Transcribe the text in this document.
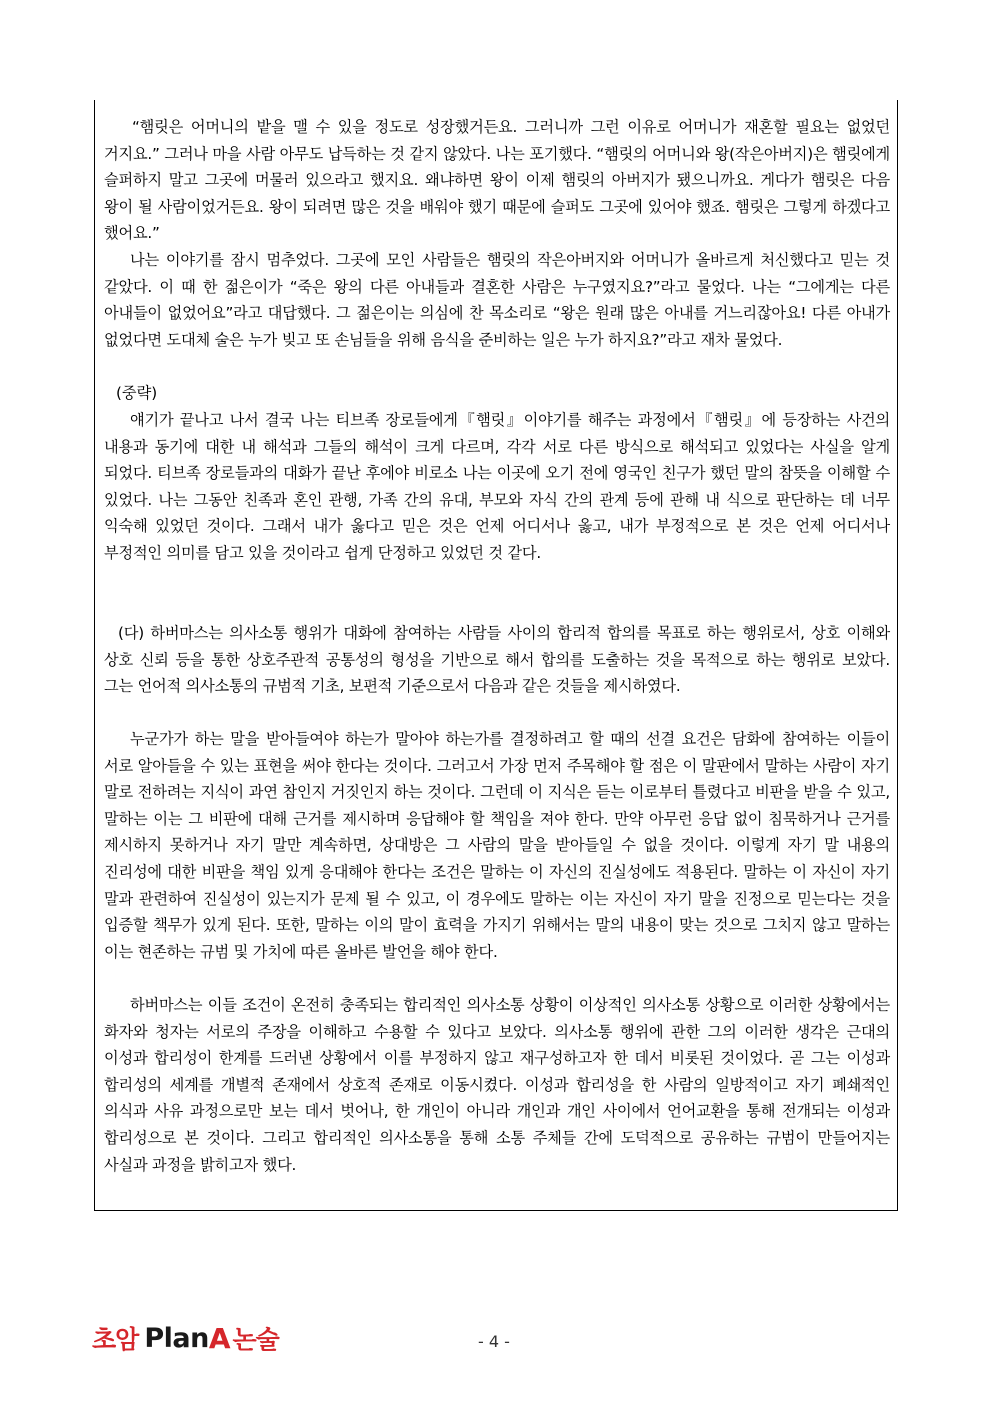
“햄릿은 어머니의 밭을 맬 수 있을 정도로 성장했거든요. 그러니까 그런 이유로 어머니가 재혼할 필요는 없었던 거지요.” 그러나 마을 사람 아무도 납득하는 것 같지 않았다. 나는 포기했다. “햄릿의 어머니와 왕(작은아버지)은 햄릿에게 슬퍼하지 말고 그곳에 머물러 있으라고 했지요. 왜냐하면 왕이 이제 햄릿의 아버지가 됐으니까요. 게다가 햄릿은 다음 왕이 될 사람이었거든요. 왕이 되려면 많은 것을 배워야 했기 때문에 슬퍼도 그곳에 있어야 했죠. 햄릿은 그렇게 하겠다고 했어요.”

나는 이야기를 잠시 멈추었다. 그곳에 모인 사람들은 햄릿의 작은아버지와 어머니가 올바르게 처신했다고 믿는 것 같았다. 이 때 한 젊은이가 “죽은 왕의 다른 아내들과 결혼한 사람은 누구였지요?”라고 물었다. 나는 “그에게는 다른 아내들이 없었어요”라고 대답했다. 그 젊은이는 의심에 찬 목소리로 “왕은 원래 많은 아내를 거느리잖아요! 다른 아내가 없었다면 도대체 술은 누가 빚고 또 손님들을 위해 음식을 준비하는 일은 누가 하지요?”라고 재차 물었다.

(중략)

얘기가 끝나고 나서 결국 나는 티브족 장로들에게『햄릿』이야기를 해주는 과정에서『햄릿』에 등장하는 사건의 내용과 동기에 대한 내 해석과 그들의 해석이 크게 다르며, 각각 서로 다른 방식으로 해석되고 있었다는 사실을 알게 되었다. 티브족 장로들과의 대화가 끝난 후에야 비로소 나는 이곳에 오기 전에 영국인 친구가 했던 말의 참뜻을 이해할 수 있었다. 나는 그동안 친족과 혼인 관행, 가족 간의 유대, 부모와 자식 간의 관계 등에 관해 내 식으로 판단하는 데 너무 익숙해 있었던 것이다. 그래서 내가 옳다고 믿은 것은 언제 어디서나 옳고, 내가 부정적으로 본 것은 언제 어디서나 부정적인 의미를 담고 있을 것이라고 쉽게 단정하고 있었던 것 같다.

(다) 하버마스는 의사소통 행위가 대화에 참여하는 사람들 사이의 합리적 합의를 목표로 하는 행위로서, 상호 이해와 상호 신뢰 등을 통한 상호주관적 공통성의 형성을 기반으로 해서 합의를 도출하는 것을 목적으로 하는 행위로 보았다. 그는 언어적 의사소통의 규범적 기초, 보편적 기준으로서 다음과 같은 것들을 제시하였다.

누군가가 하는 말을 받아들여야 하는가 말아야 하는가를 결정하려고 할 때의 선결 요건은 담화에 참여하는 이들이 서로 알아들을 수 있는 표현을 써야 한다는 것이다. 그러고서 가장 먼저 주목해야 할 점은 이 말판에서 말하는 사람이 자기 말로 전하려는 지식이 과연 참인지 거짓인지 하는 것이다. 그런데 이 지식은 듣는 이로부터 틀렸다고 비판을 받을 수 있고, 말하는 이는 그 비판에 대해 근거를 제시하며 응답해야 할 책임을 져야 한다. 만약 아무런 응답 없이 침묵하거나 근거를 제시하지 못하거나 자기 말만 계속하면, 상대방은 그 사람의 말을 받아들일 수 없을 것이다. 이렇게 자기 말 내용의 진리성에 대한 비판을 책임 있게 응대해야 한다는 조건은 말하는 이 자신의 진실성에도 적용된다. 말하는 이 자신이 자기 말과 관련하여 진실성이 있는지가 문제 될 수 있고, 이 경우에도 말하는 이는 자신이 자기 말을 진정으로 믿는다는 것을 입증할 책무가 있게 된다. 또한, 말하는 이의 말이 효력을 가지기 위해서는 말의 내용이 맞는 것으로 그치지 않고 말하는 이는 현존하는 규범 및 가치에 따른 올바른 발언을 해야 한다.

하버마스는 이들 조건이 온전히 충족되는 합리적인 의사소통 상황이 이상적인 의사소통 상황으로 이러한 상황에서는 화자와 청자는 서로의 주장을 이해하고 수용할 수 있다고 보았다. 의사소통 행위에 관한 그의 이러한 생각은 근대의 이성과 합리성이 한계를 드러낸 상황에서 이를 부정하지 않고 재구성하고자 한 데서 비롯된 것이었다. 곧 그는 이성과 합리성의 세계를 개별적 존재에서 상호적 존재로 이동시켰다. 이성과 합리성을 한 사람의 일방적이고 자기 폐쇄적인 의식과 사유 과정으로만 보는 데서 벗어나, 한 개인이 아니라 개인과 개인 사이에서 언어교환을 통해 전개되는 이성과 합리성으로 본 것이다. 그리고 합리적인 의사소통을 통해 소통 주체들 간에 도덕적으로 공유하는 규범이 만들어지는 사실과 과정을 밝히고자 했다.

초암 Plan A 논술	- 4 -
